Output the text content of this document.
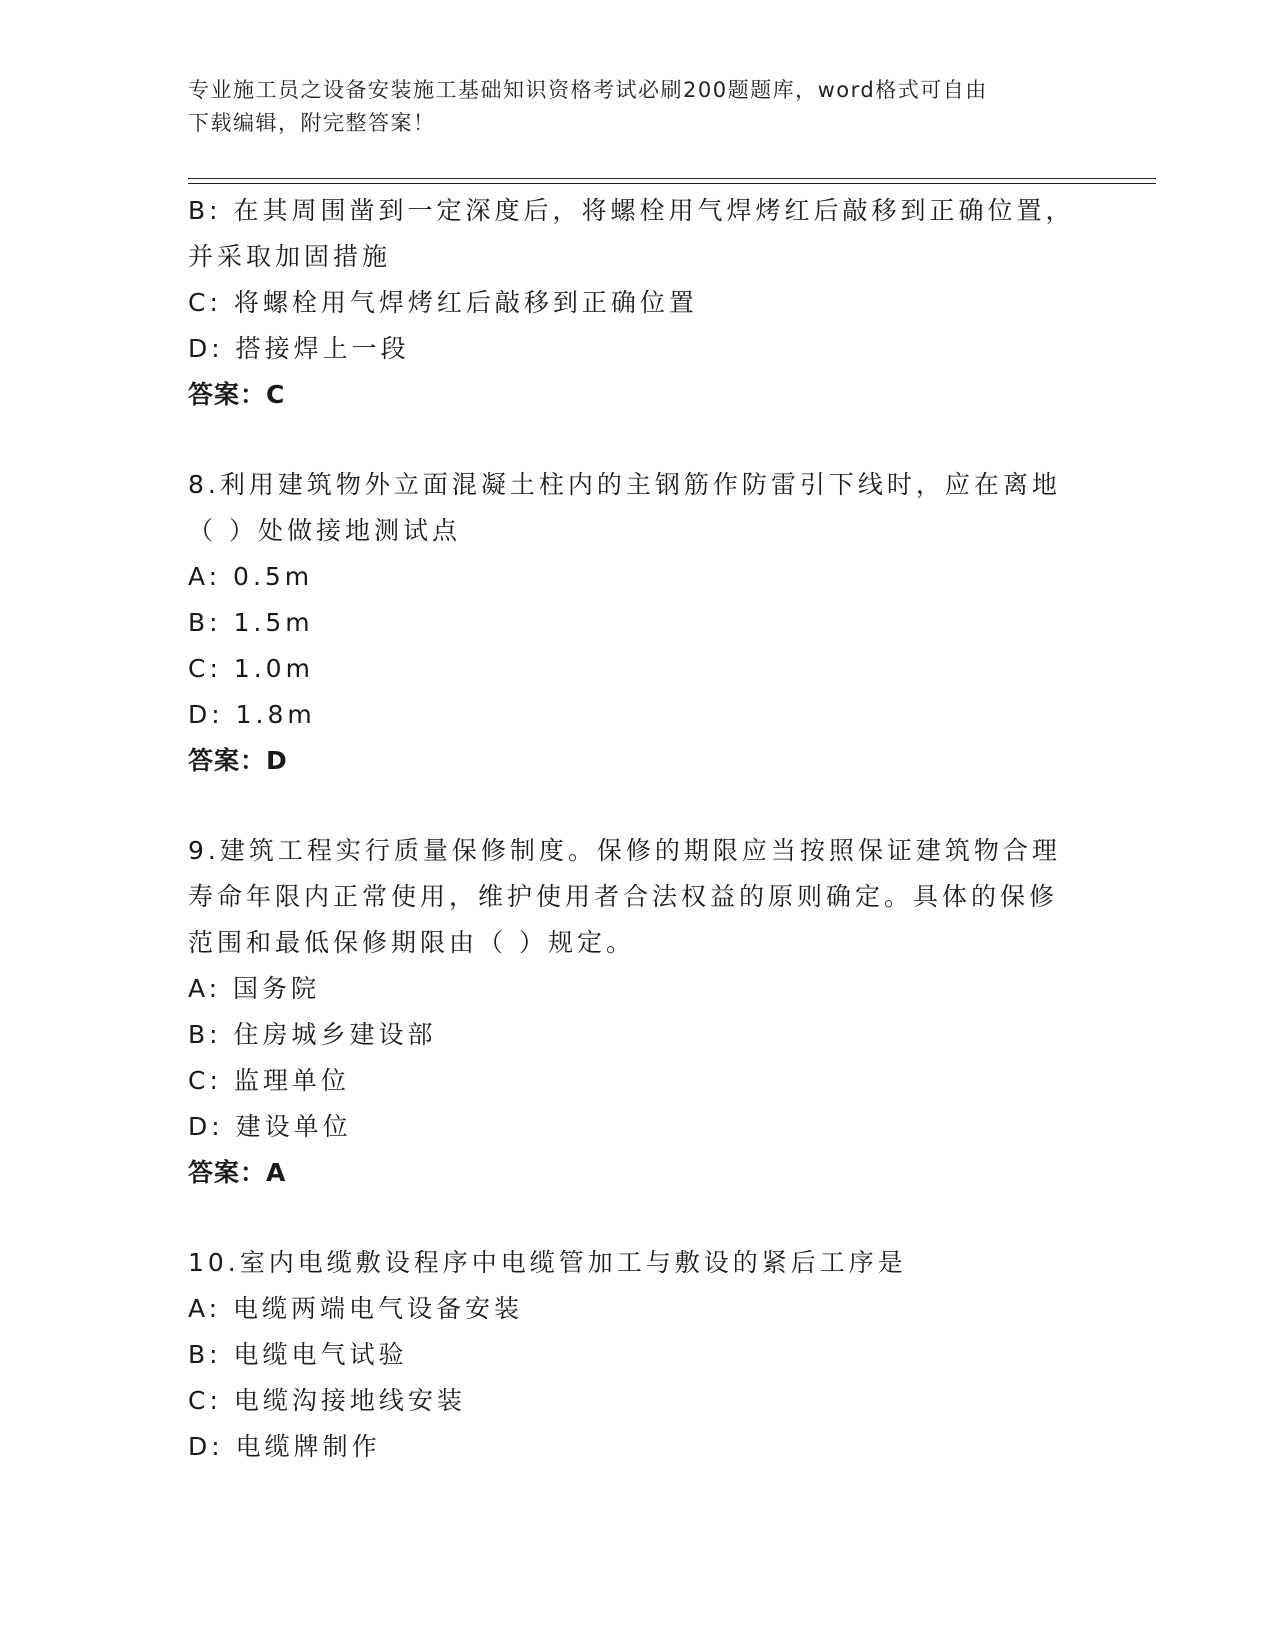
专业施工员之设备安装施工基础知识资格考试必刷200题题库，word格式可自由
下载编辑，附完整答案！
B: 在其周围凿到一定深度后，将螺栓用气焊烤红后敲移到正确位置，
并采取加固措施
C: 将螺栓用气焊烤红后敲移到正确位置
D: 搭接焊上一段
答案：C
8.利用建筑物外立面混凝土柱内的主钢筋作防雷引下线时，应在离地
（ ）处做接地测试点
A: 0.5m
B: 1.5m
C: 1.0m
D: 1.8m
答案：D
9.建筑工程实行质量保修制度。保修的期限应当按照保证建筑物合理
寿命年限内正常使用，维护使用者合法权益的原则确定。具体的保修
范围和最低保修期限由（ ）规定。
A: 国务院
B: 住房城乡建设部
C: 监理单位
D: 建设单位
答案：A
10.室内电缆敷设程序中电缆管加工与敷设的紧后工序是
A: 电缆两端电气设备安装
B: 电缆电气试验
C: 电缆沟接地线安装
D: 电缆牌制作
